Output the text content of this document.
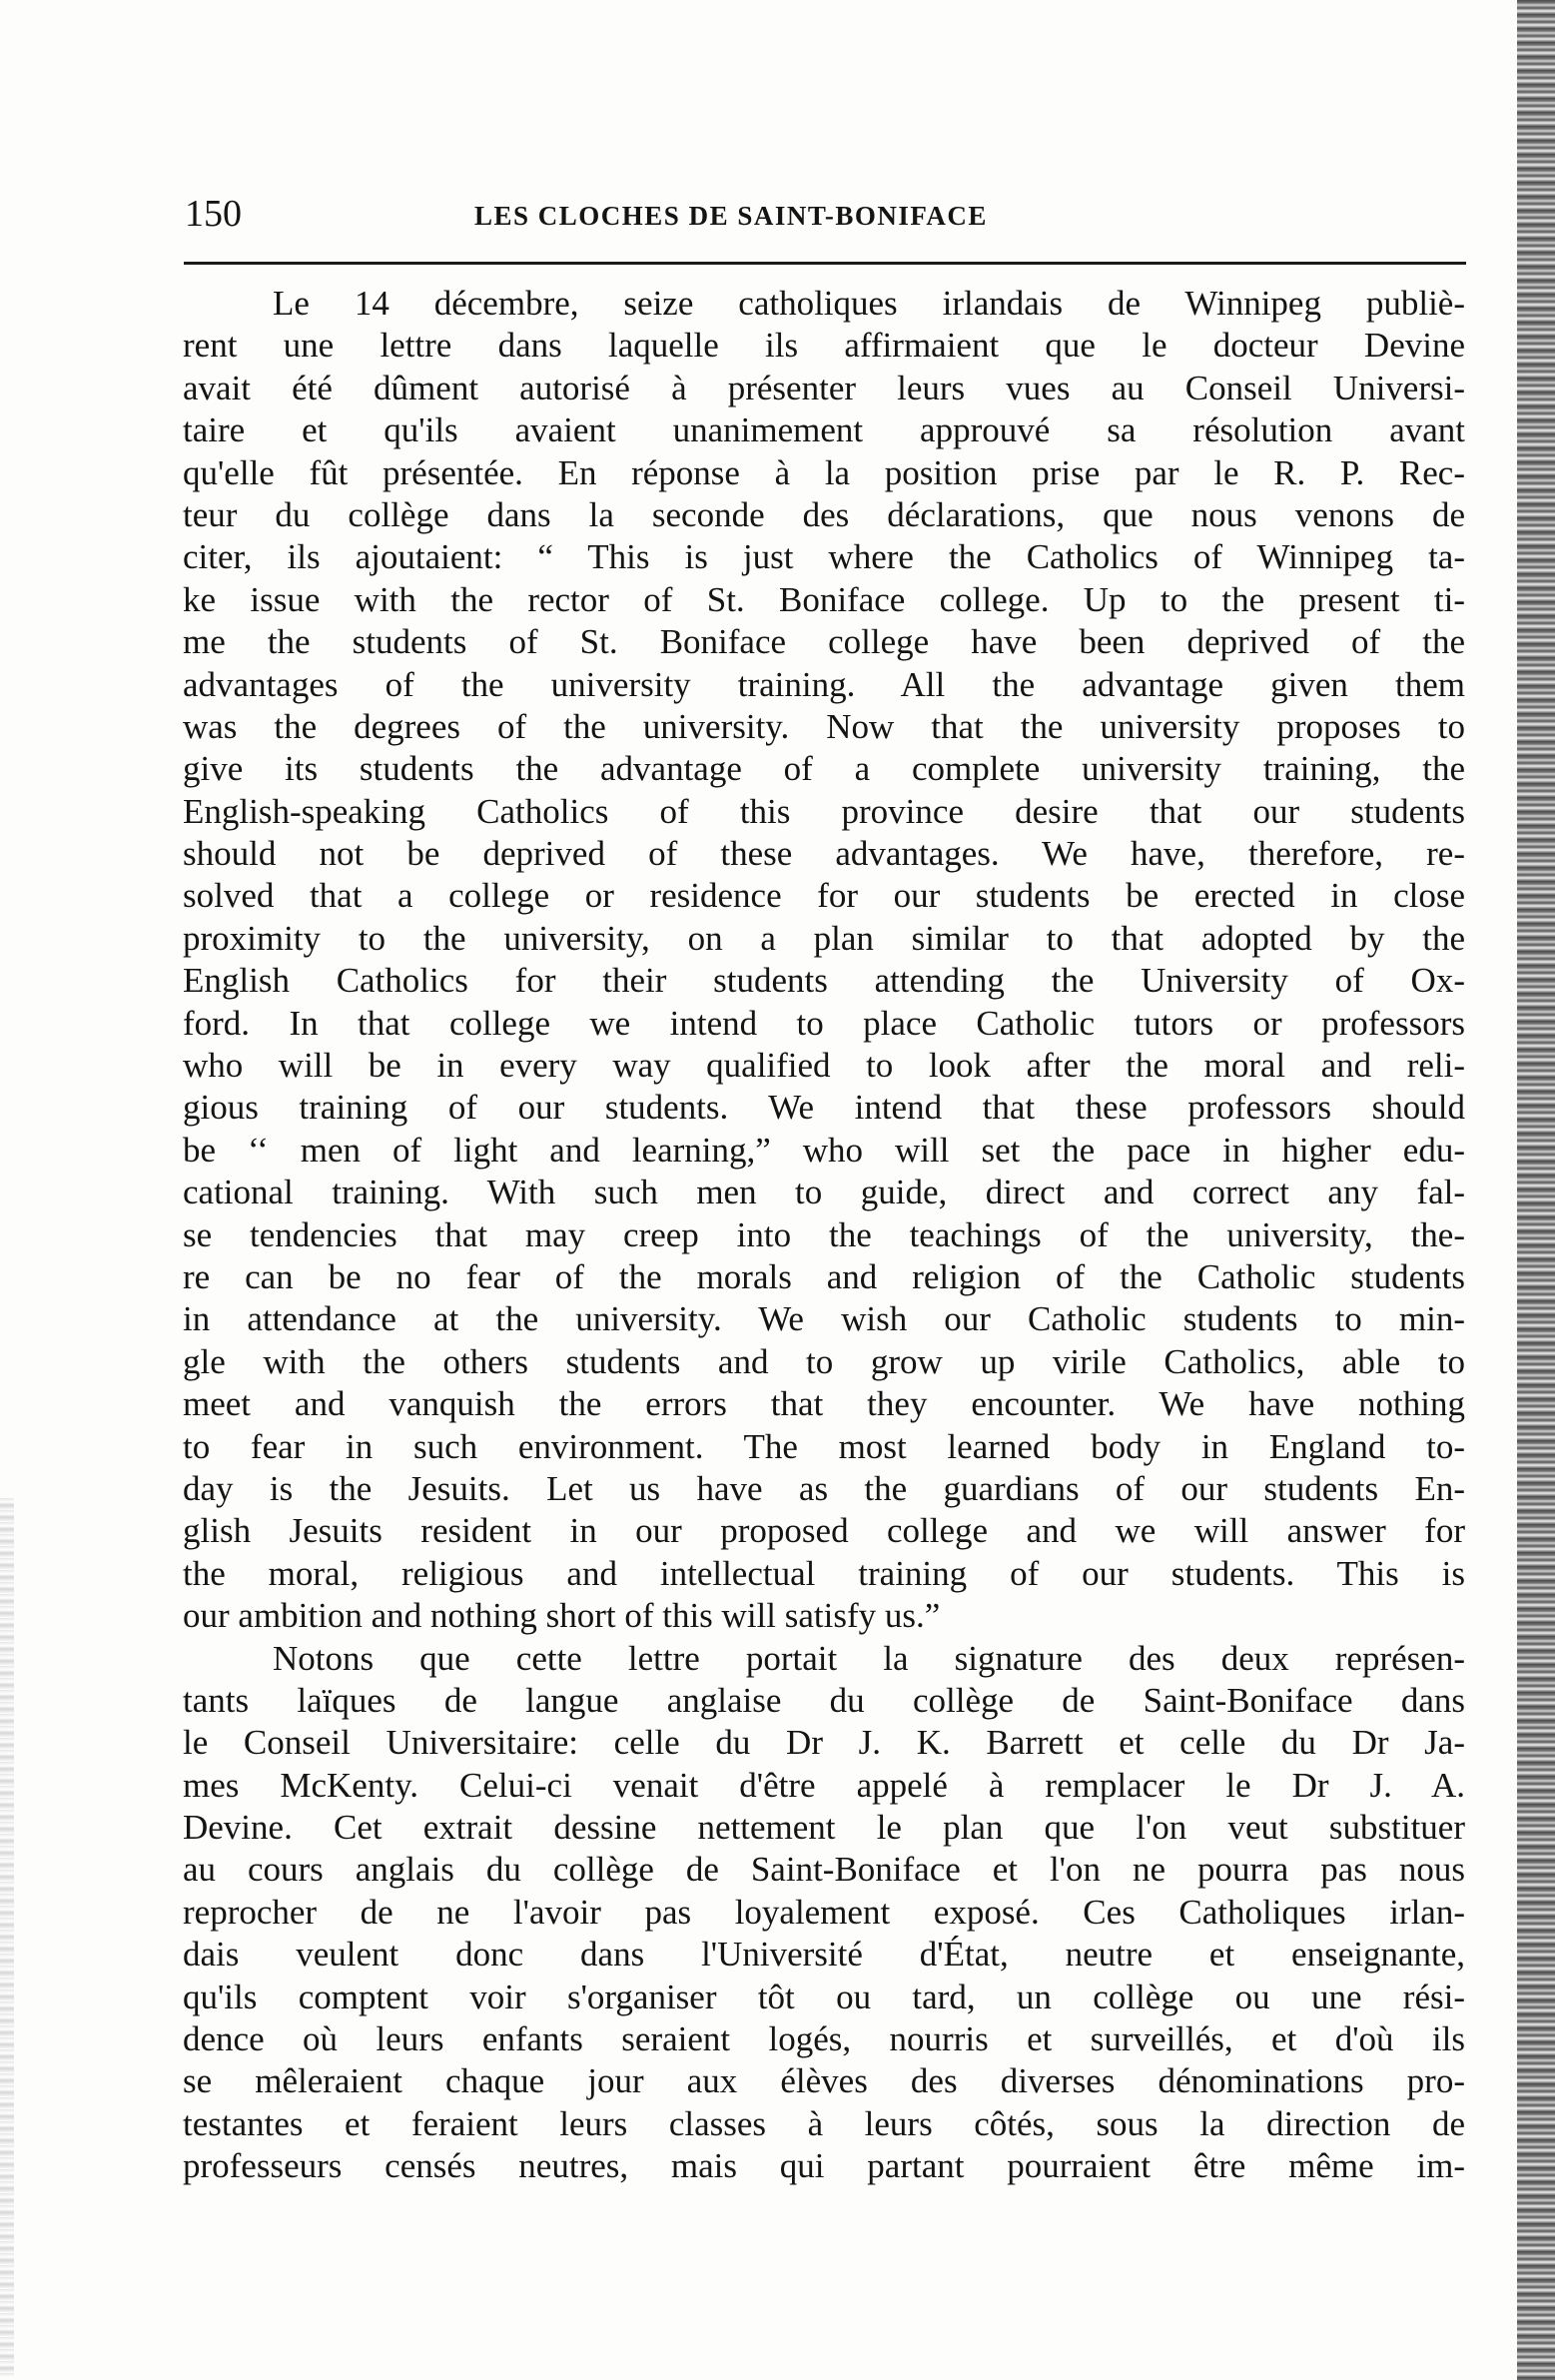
150	LES CLOCHES DE SAINT-BONIFACE
Le 14 décembre, seize catholiques irlandais de Winnipeg publiè-
rent une lettre dans laquelle ils affirmaient que le docteur Devine
avait été dûment autorisé à présenter leurs vues au Conseil Universi-
taire et qu'ils avaient unanimement approuvé sa résolution avant
qu'elle fût présentée. En réponse à la position prise par le R. P. Rec-
teur du collège dans la seconde des déclarations, que nous venons de
citer, ils ajoutaient: “ This is just where the Catholics of Winnipeg ta-
ke issue with the rector of St. Boniface college. Up to the present ti-
me the students of St. Boniface college have been deprived of the
advantages of the university training. All the advantage given them
was the degrees of the university. Now that the university proposes to
give its students the advantage of a complete university training, the
English-speaking Catholics of this province desire that our students
should not be deprived of these advantages. We have, therefore, re-
solved that a college or residence for our students be erected in close
proximity to the university, on a plan similar to that adopted by the
English Catholics for their students attending the University of Ox-
ford. In that college we intend to place Catholic tutors or professors
who will be in every way qualified to look after the moral and reli-
gious training of our students. We intend that these professors should
be ‘‘ men of light and learning,” who will set the pace in higher edu-
cational training. With such men to guide, direct and correct any fal-
se tendencies that may creep into the teachings of the university, the-
re can be no fear of the morals and religion of the Catholic students
in attendance at the university. We wish our Catholic students to min-
gle with the others students and to grow up virile Catholics, able to
meet and vanquish the errors that they encounter. We have nothing
to fear in such environment. The most learned body in England to-
day is the Jesuits. Let us have as the guardians of our students En-
glish Jesuits resident in our proposed college and we will answer for
the moral, religious and intellectual training of our students. This is
our ambition and nothing short of this will satisfy us.”
Notons que cette lettre portait la signature des deux représen-
tants laïques de langue anglaise du collège de Saint-Boniface dans
le Conseil Universitaire: celle du Dr J. K. Barrett et celle du Dr Ja-
mes McKenty. Celui-ci venait d'être appelé à remplacer le Dr J. A.
Devine. Cet extrait dessine nettement le plan que l'on veut substituer
au cours anglais du collège de Saint-Boniface et l'on ne pourra pas nous
reprocher de ne l'avoir pas loyalement exposé. Ces Catholiques irlan-
dais veulent donc dans l'Université d'État, neutre et enseignante,
qu'ils comptent voir s'organiser tôt ou tard, un collège ou une rési-
dence où leurs enfants seraient logés, nourris et surveillés, et d'où ils
se mêleraient chaque jour aux élèves des diverses dénominations pro-
testantes et feraient leurs classes à leurs côtés, sous la direction de
professeurs censés neutres, mais qui partant pourraient être même im-
